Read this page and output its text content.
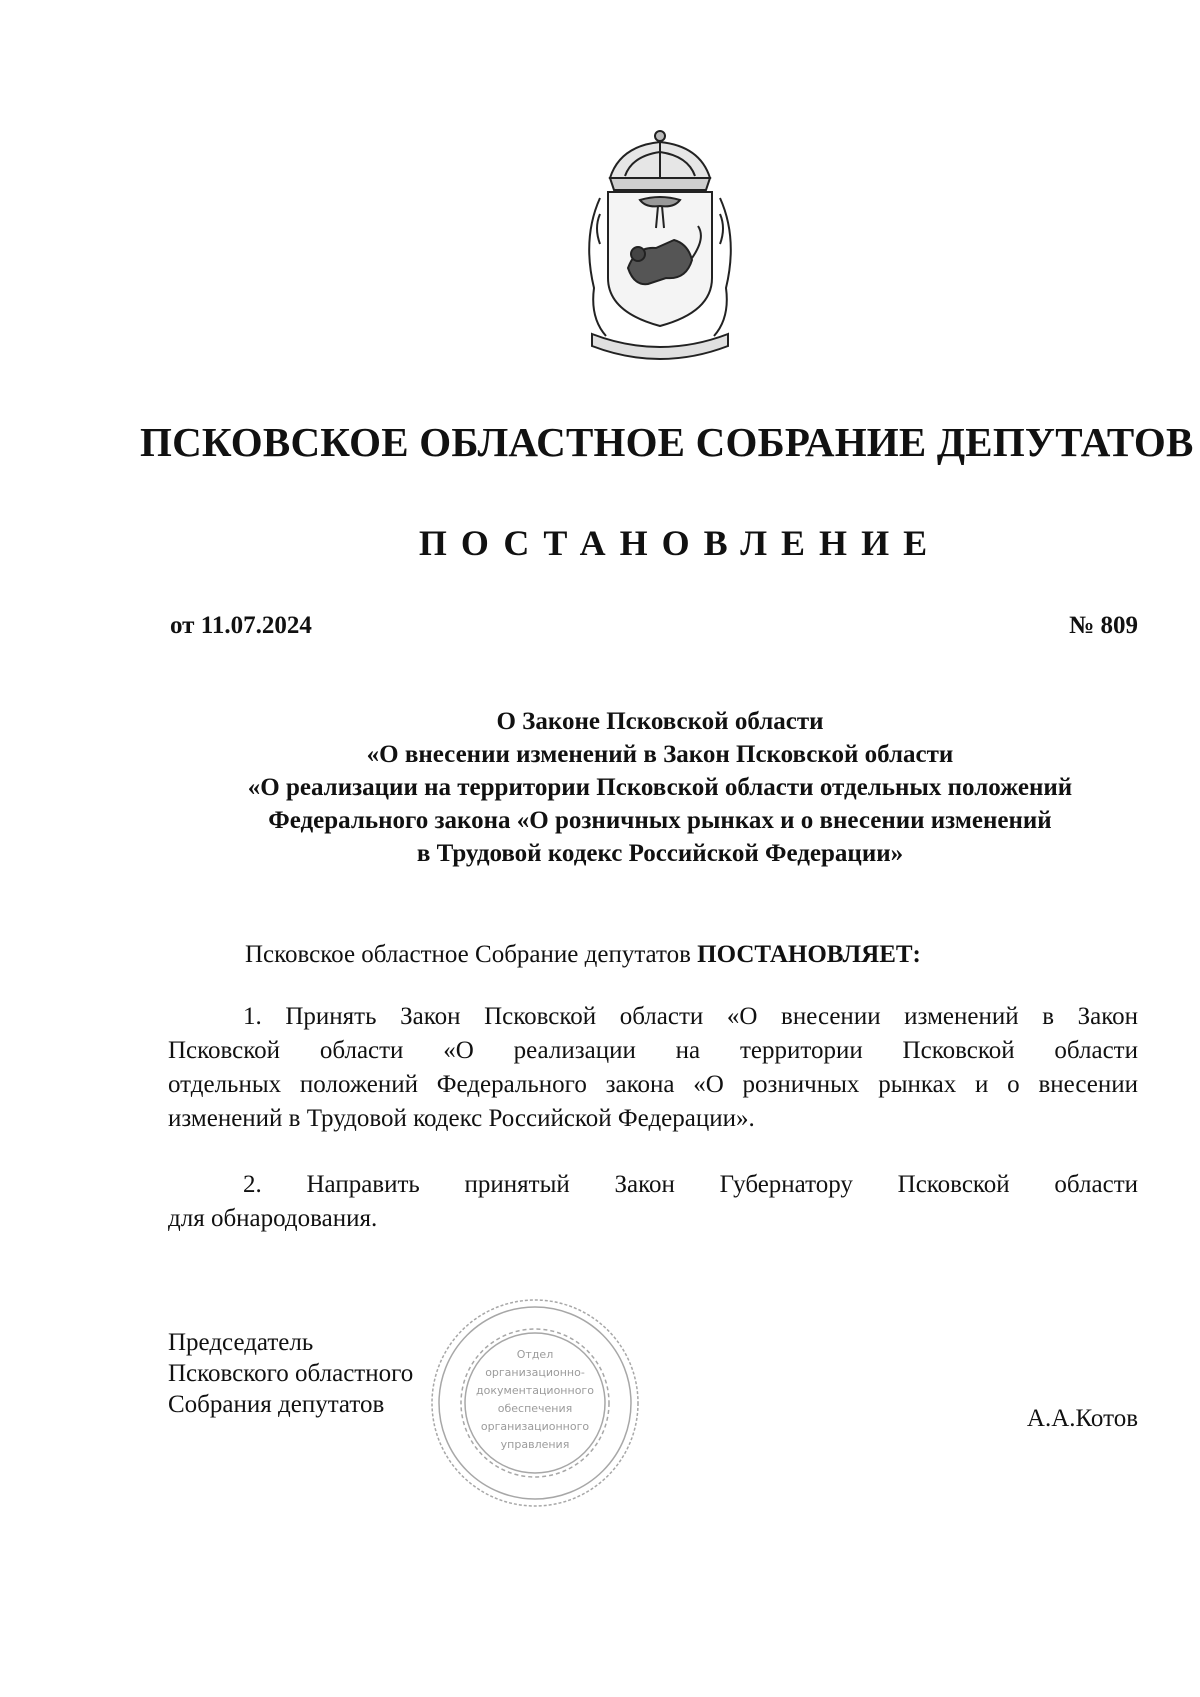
ПСКОВСКОЕ ОБЛАСТНОЕ СОБРАНИЕ ДЕПУТАТОВ
ПОСТАНОВЛЕНИЕ
от 11.07.2024	№ 809
О Законе Псковской области
«О внесении изменений в Закон Псковской области
«О реализации на территории Псковской области отдельных положений
Федерального закона «О розничных рынках и о внесении изменений
в Трудовой кодекс Российской Федерации»
Псковское областное Собрание депутатов ПОСТАНОВЛЯЕТ:
1. Принять Закон Псковской области «О внесении изменений в Закон
Псковской области «О реализации на территории Псковской области
отдельных положений Федерального закона «О розничных рынках и о внесении
изменений в Трудовой кодекс Российской Федерации».
2. Направить принятый Закон Губернатору Псковской области
для обнародования.
Председатель
Псковского областного
Собрания депутатов
Отдел
организационно-
документационного
обеспечения
организационного
управления
А.А.Котов
